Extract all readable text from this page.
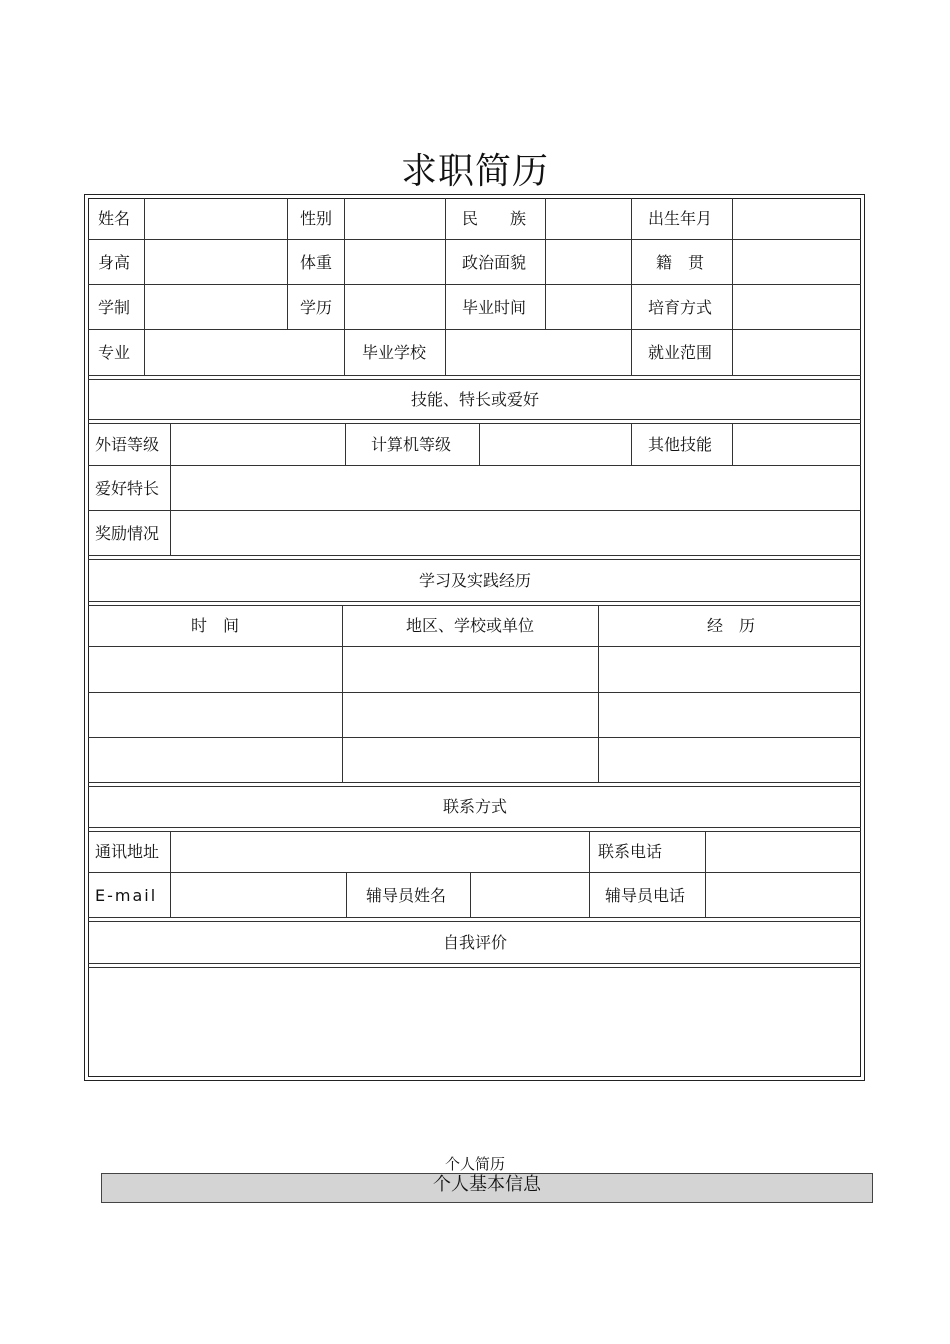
求职简历
姓名	性别	民　　族	出生年月
身高	体重	政治面貌	籍　贯
学制	学历	毕业时间	培育方式
专业	毕业学校	就业范围
技能、特长或爱好
外语等级	计算机等级	其他技能
爱好特长
奖励情况
学习及实践经历
时　间	地区、学校或单位	经　历
联系方式
通讯地址	联系电话
E-mail	辅导员姓名	辅导员电话
自我评价
个人简历
个人基本信息
